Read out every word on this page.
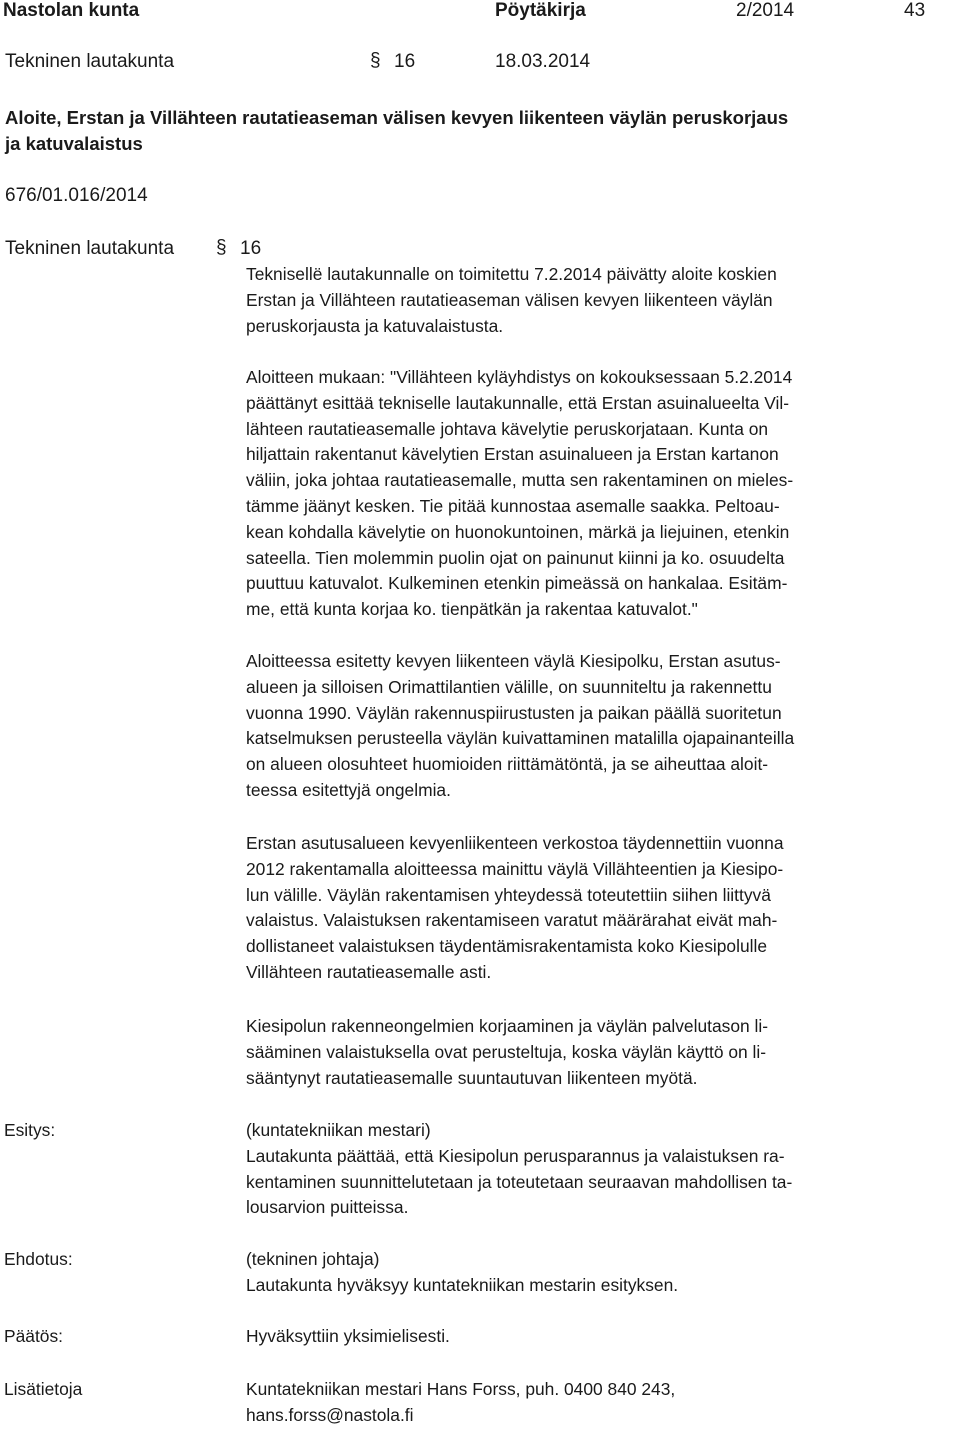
Nastolan kunta	Pöytäkirja	2/2014	43
Tekninen lautakunta	§ 16	18.03.2014
Aloite, Erstan ja Villähteen rautatieaseman välisen kevyen liikenteen väylän peruskorjaus
ja katuvalaistus
676/01.016/2014
Tekninen lautakunta § 16
Teknisellë lautakunnalle on toimitettu 7.2.2014 päivätty aloite koskien
Erstan ja Villähteen rautatieaseman välisen kevyen liikenteen väylän
peruskorjausta ja katuvalaistusta.
Aloitteen mukaan: "Villähteen kyläyhdistys on kokouksessaan 5.2.2014
päättänyt esittää tekniselle lautakunnalle, että Erstan asuinalueelta Vil-
lähteen rautatieasemalle johtava kävelytie peruskorjataan. Kunta on
hiljattain rakentanut kävelytien Erstan asuinalueen ja Erstan kartanon
väliin, joka johtaa rautatieasemalle, mutta sen rakentaminen on mieles-
tämme jäänyt kesken. Tie pitää kunnostaa asemalle saakka. Peltoau-
kean kohdalla kävelytie on huonokuntoinen, märkä ja liejuinen, etenkin
sateella. Tien molemmin puolin ojat on painunut kiinni ja ko. osuudelta
puuttuu katuvalot. Kulkeminen etenkin pimeässä on hankalaa. Esitäm-
me, että kunta korjaa ko. tienpätkän ja rakentaa katuvalot."
Aloitteessa esitetty kevyen liikenteen väylä Kiesipolku, Erstan asutus-
alueen ja silloisen Orimattilantien välille, on suunniteltu ja rakennettu
vuonna 1990. Väylän rakennuspiirustusten ja paikan päällä suoritetun
katselmuksen perusteella väylän kuivattaminen matalilla ojapainanteilla
on alueen olosuhteet huomioiden riittämätöntä, ja se aiheuttaa aloit-
teessa esitettyjä ongelmia.
Erstan asutusalueen kevyenliikenteen verkostoa täydennettiin vuonna
2012 rakentamalla aloitteessa mainittu väylä Villähteentien ja Kiesipo-
lun välille. Väylän rakentamisen yhteydessä toteutettiin siihen liittyvä
valaistus. Valaistuksen rakentamiseen varatut määrärahat eivät mah-
dollistaneet valaistuksen täydentämisrakentamista koko Kiesipolulle
Villähteen rautatieasemalle asti.
Kiesipolun rakenneongelmien korjaaminen ja väylän palvelutason li-
sääminen valaistuksella ovat perusteltuja, koska väylän käyttö on li-
sääntynyt rautatieasemalle suuntautuvan liikenteen myötä.
Esitys:	(kuntatekniikan mestari)
Lautakunta päättää, että Kiesipolun perusparannus ja valaistuksen ra-
kentaminen suunnittelutetaan ja toteutetaan seuraavan mahdollisen ta-
lousarvion puitteissa.
Ehdotus:	(tekninen johtaja)
Lautakunta hyväksyy kuntatekniikan mestarin esityksen.
Päätös:	Hyväksyttiin yksimielisesti.
Lisätietoja	Kuntatekniikan mestari Hans Forss, puh. 0400 840 243,
hans.forss@nastola.fi
